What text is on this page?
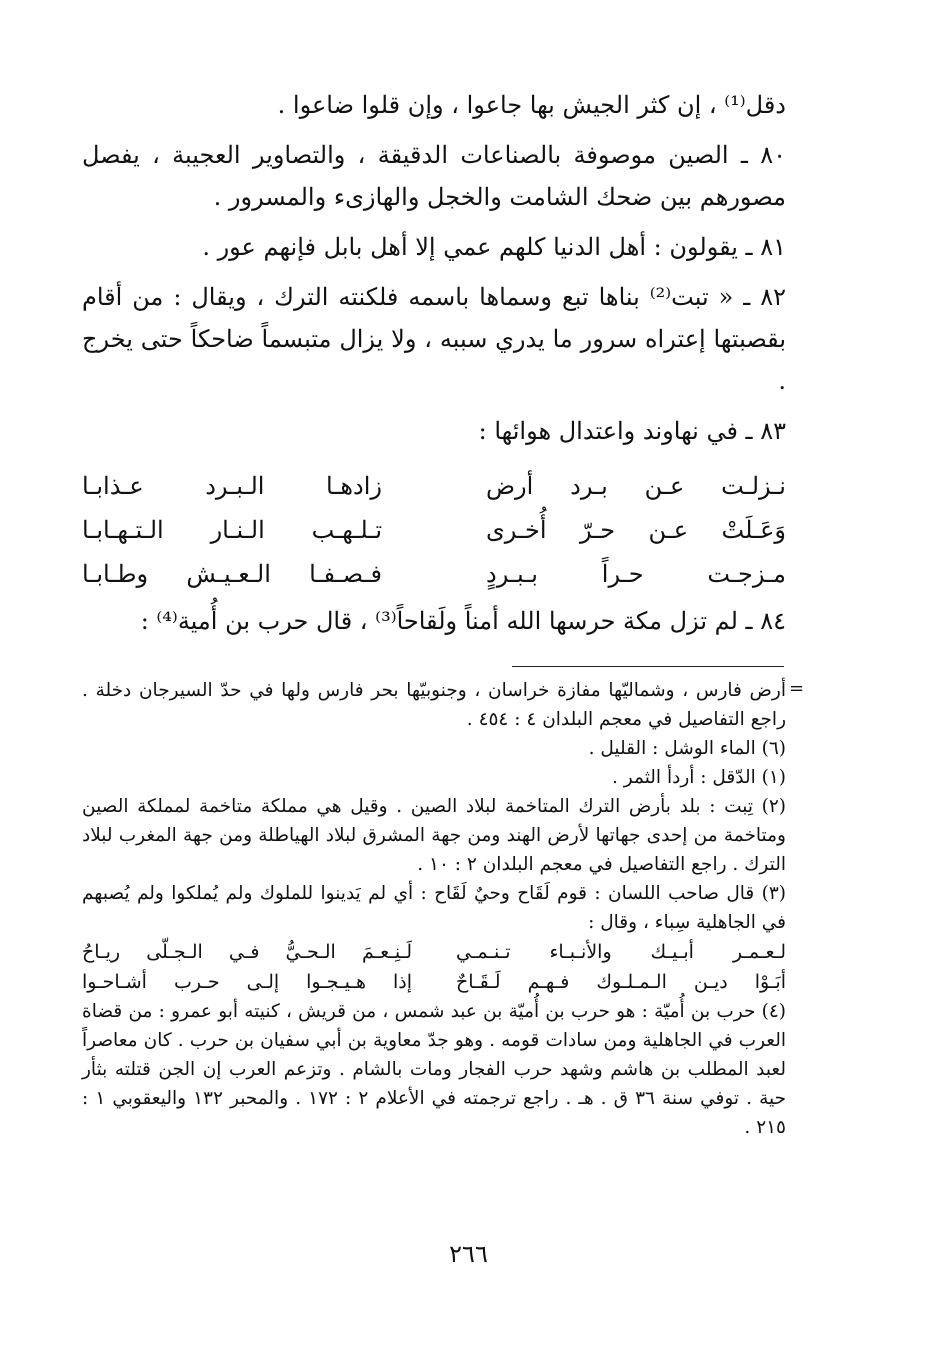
دقل⁽¹⁾ ، إن كثر الجيش بها جاعوا ، وإن قلوا ضاعوا .

٨٠ ـ الصين موصوفة بالصناعات الدقيقة ، والتصاوير العجيبة ، يفصل مصورهم بين ضحك الشامت والخجل والهازىء والمسرور .

٨١ ـ يقولون : أهل الدنيا كلهم عمي إلا أهل بابل فإنهم عور .

٨٢ ـ « تبت⁽²⁾ بناها تبع وسماها باسمه فلكنته الترك ، ويقال : من أقام بقصبتها إعتراه سرور ما يدري سببه ، ولا يزال متبسماً ضاحكاً حتى يخرج .

٨٣ ـ في نهاوند واعتدال هوائها :

نـزلـت عـن بـرد أرض
زادهـا الـبـرد عـذابـا
وَعَـلَتْ عـن حـرّ أُخـرى
تـلـهـب الـنـار الـتـهـابـا
مـزجـت حـراً بـبـردٍ
فـصـفـا الـعـيـش وطـابـا

٨٤ ـ لم تزل مكة حرسها الله أمناً ولَقاحاً⁽³⁾ ، قال حرب بن أُمية⁽⁴⁾ :

=

أرض فارس ، وشماليّها مفازة خراسان ، وجنوبيّها بحر فارس ولها في حدّ السيرجان دخلة . راجع التفاصيل في معجم البلدان ٤ : ٤٥٤ .

(٦) الماء الوشل : القليل .

(١) الدّقل : أردأ الثمر .

(٢) تِبت : بلد بأرض الترك المتاخمة لبلاد الصين . وقيل هي مملكة متاخمة لمملكة الصين ومتاخمة من إحدى جهاتها لأرض الهند ومن جهة المشرق لبلاد الهياطلة ومن جهة المغرب لبلاد الترك . راجع التفاصيل في معجم البلدان ٢ : ١٠ .

(٣) قال صاحب اللسان : قوم لَقَاح وحيٌ لَقَاح : أي لم يَدينوا للملوك ولم يُملكوا ولم يُصبهم في الجاهلية سِباء ، وقال :

لـعـمـر أبـيـك والأنـبـاء تـنـمـي
لَـنِـعـمَ الـحـيُّ فـي الـجـلّى ريـاحُ
أبَـوْا ديـن الـمـلـوك فـهـم لَـقَـاحٌ
إذا هـيـجـوا إلـى حـرب أشـاحـوا

(٤) حرب بن أُميّة : هو حرب بن أُميّة بن عبد شمس ، من قريش ، كنيته أبو عمرو : من قضاة العرب في الجاهلية ومن سادات قومه . وهو جدّ معاوية بن أبي سفيان بن حرب . كان معاصراً لعبد المطلب بن هاشم وشهد حرب الفجار ومات بالشام . وتزعم العرب إن الجن قتلته بثأر حية . توفي سنة ٣٦ ق . هـ . راجع ترجمته في الأعلام ٢ : ١٧٢ . والمحبر ١٣٢ واليعقوبي ١ : ٢١٥ .

٢٦٦
